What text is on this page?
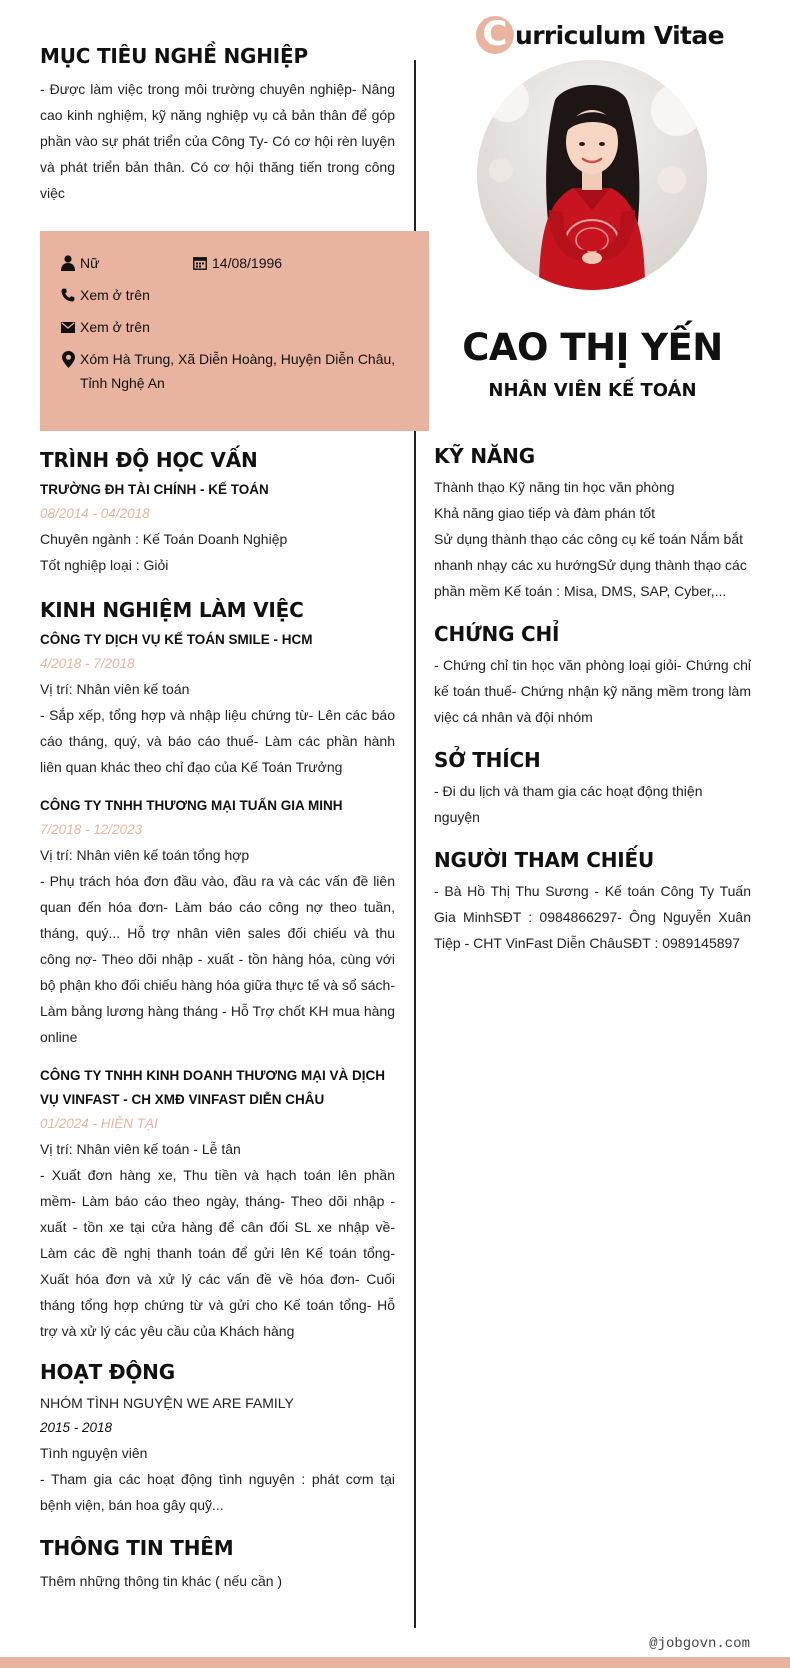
C urriculum Vitae
CAO THỊ YẾN
NHÂN VIÊN KẾ TOÁN
MỤC TIÊU NGHỀ NGHIỆP
- Được làm việc trong môi trường chuyên nghiệp- Nâng cao kinh nghiệm, kỹ năng nghiệp vụ cả bản thân để góp phần vào sự phát triển của Công Ty- Có cơ hội rèn luyện và phát triển bản thân. Có cơ hội thăng tiến trong công việc
Nữ	14/08/1996
Xem ở trên
Xem ở trên
Xóm Hà Trung, Xã Diễn Hoàng, Huyện Diễn Châu,
Tỉnh Nghệ An
TRÌNH ĐỘ HỌC VẤN
TRƯỜNG ĐH TÀI CHÍNH - KẾ TOÁN
08/2014 - 04/2018
Chuyên ngành : Kế Toán Doanh Nghiệp
Tốt nghiệp loại : Giỏi
KINH NGHIỆM LÀM VIỆC
CÔNG TY DỊCH VỤ KẾ TOÁN SMILE - HCM
4/2018 - 7/2018
Vị trí: Nhân viên kế toán
- Sắp xếp, tổng hợp và nhập liệu chứng từ- Lên các báo cáo tháng, quý, và báo cáo thuế- Làm các phần hành liên quan khác theo chỉ đạo của Kế Toán Trưởng
CÔNG TY TNHH THƯƠNG MẠI TUẤN GIA MINH
7/2018 - 12/2023
Vị trí: Nhân viên kế toán tổng hợp
- Phụ trách hóa đơn đầu vào, đầu ra và các vấn đề liên quan đến hóa đơn- Làm báo cáo công nợ theo tuần, tháng, quý... Hỗ trợ nhân viên sales đối chiếu và thu công nợ- Theo dõi nhập - xuất - tồn hàng hóa, cùng với bộ phận kho đối chiếu hàng hóa giữa thực tế và sổ sách- Làm bảng lương hàng tháng - Hỗ Trợ chốt KH mua hàng online
CÔNG TY TNHH KINH DOANH THƯƠNG MẠI VÀ DỊCH VỤ VINFAST - CH XMĐ VINFAST DIỄN CHÂU
01/2024 - HIỆN TẠI
Vị trí: Nhân viên kế toán - Lễ tân
- Xuất đơn hàng xe, Thu tiền và hạch toán lên phần mềm- Làm báo cáo theo ngày, tháng- Theo dõi nhập - xuất - tồn xe tại cửa hàng để cân đối SL xe nhập về- Làm các đề nghị thanh toán để gửi lên Kế toán tổng- Xuất hóa đơn và xử lý các vấn đề về hóa đơn- Cuối tháng tổng hợp chứng từ và gửi cho Kế toán tổng- Hỗ trợ và xử lý các yêu cầu của Khách hàng
HOẠT ĐỘNG
NHÓM TÌNH NGUYỆN WE ARE FAMILY
2015 - 2018
Tình nguyện viên
- Tham gia các hoạt động tình nguyện : phát cơm tại bệnh viện, bán hoa gây quỹ...
THÔNG TIN THÊM
Thêm những thông tin khác ( nếu cần )
KỸ NĂNG
Thành thạo Kỹ năng tin học văn phòng
Khả năng giao tiếp và đàm phán tốt
Sử dụng thành thạo các công cụ kế toán Nắm bắt
nhanh nhạy các xu hướngSử dụng thành thạo các
phần mềm Kế toán : Misa, DMS, SAP, Cyber,...
CHỨNG CHỈ
- Chứng chỉ tin học văn phòng loại giỏi- Chứng chỉ kế toán thuế- Chứng nhận kỹ năng mềm trong làm việc cá nhân và đội nhóm
SỞ THÍCH
- Đi du lịch và tham gia các hoạt động thiện nguyện
NGƯỜI THAM CHIẾU
- Bà Hồ Thị Thu Sương - Kế toán Công Ty Tuấn Gia MinhSĐT : 0984866297- Ông Nguyễn Xuân Tiệp - CHT VinFast Diễn ChâuSĐT : 0989145897
@jobgovn.com
